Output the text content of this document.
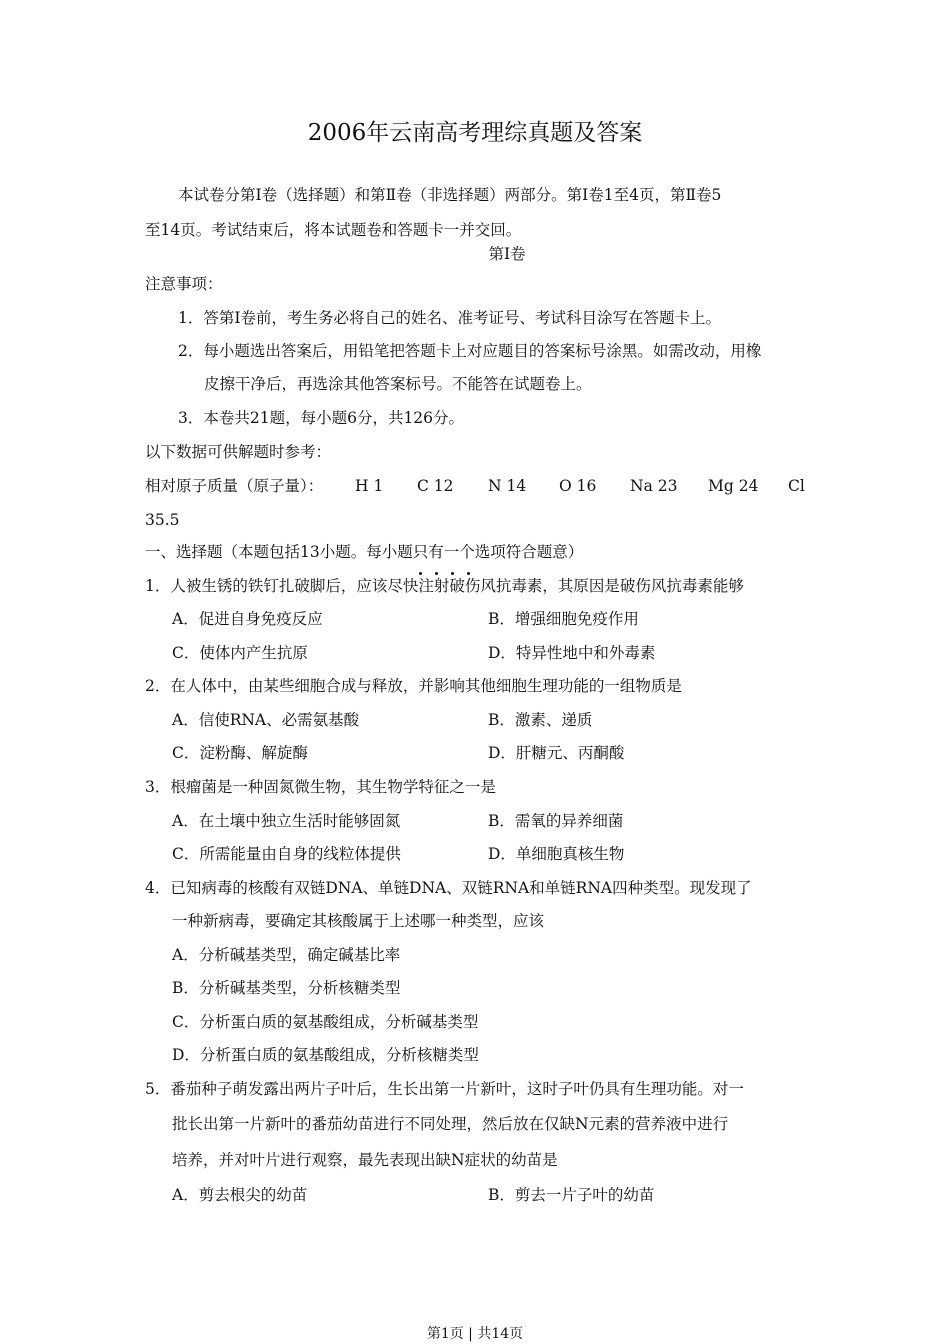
2006年云南高考理综真题及答案
本试卷分第Ⅰ卷（选择题）和第Ⅱ卷（非选择题）两部分。第Ⅰ卷1至4页，第Ⅱ卷5
至14页。考试结束后，将本试题卷和答题卡一并交回。
第Ⅰ卷
注意事项：
1．答第Ⅰ卷前，考生务必将自己的姓名、准考证号、考试科目涂写在答题卡上。
2．每小题选出答案后，用铅笔把答题卡上对应题目的答案标号涂黑。如需改动，用橡
皮擦干净后，再选涂其他答案标号。不能答在试题卷上。
3．本卷共21题，每小题6分，共126分。
以下数据可供解题时参考：
相对原子质量（原子量）： H 1 C 12 N 14 O 16 Na 23 Mg 24 Cl
35.5
一、选择题（本题包括13小题。每小题只有一个
选项符合题意）
1．人被生锈的铁钉扎破脚后，应该尽快注射破伤风抗毒素，其原因是破伤风抗毒素能够
A．促进自身免疫反应	B．增强细胞免疫作用
C．使体内产生抗原	D．特异性地中和外毒素
2．在人体中，由某些细胞合成与释放，并影响其他细胞生理功能的一组物质是
A．信使RNA、必需氨基酸	B．激素、递质
C．淀粉酶、解旋酶	D．肝糖元、丙酮酸
3．根瘤菌是一种固氮微生物，其生物学特征之一是
A．在土壤中独立生活时能够固氮	B．需氧的异养细菌
C．所需能量由自身的线粒体提供	D．单细胞真核生物
4．已知病毒的核酸有双链DNA、单链DNA、双链RNA和单链RNA四种类型。现发现了
一种新病毒，要确定其核酸属于上述哪一种类型，应该
A．分析碱基类型，确定碱基比率
B．分析碱基类型，分析核糖类型
C．分析蛋白质的氨基酸组成，分析碱基类型
D．分析蛋白质的氨基酸组成，分析核糖类型
5．番茄种子萌发露出两片子叶后，生长出第一片新叶，这时子叶仍具有生理功能。对一
批长出第一片新叶的番茄幼苗进行不同处理，然后放在仅缺N元素的营养液中进行
培养，并对叶片进行观察，最先表现出缺N症状的幼苗是
A．剪去根尖的幼苗	B．剪去一片子叶的幼苗
第1页 | 共14页
